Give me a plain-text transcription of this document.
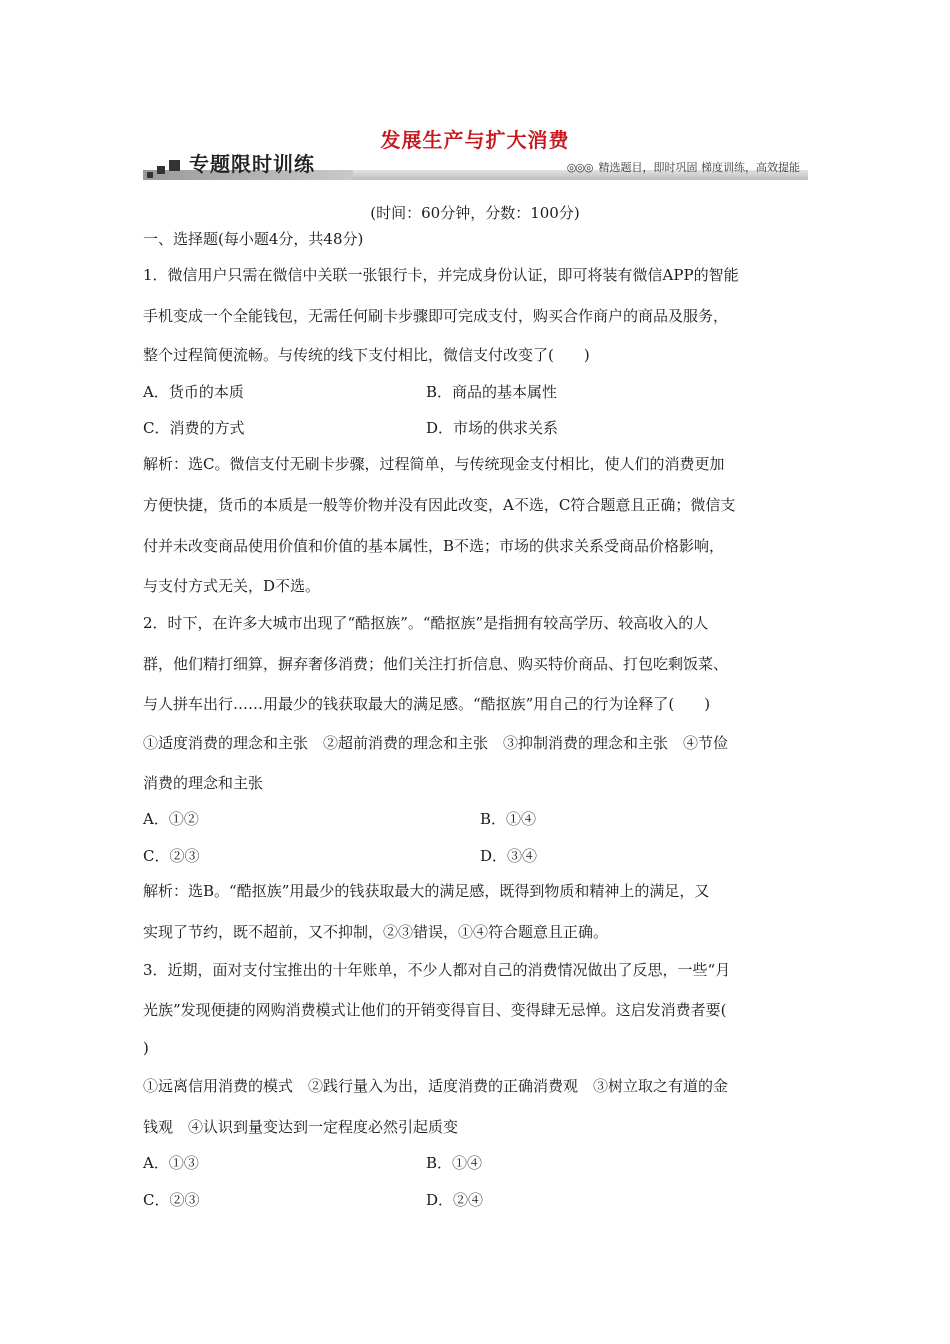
发展生产与扩大消费
专题限时训练	◎◎◎ 精选题目，即时巩固 梯度训练，高效提能
(时间：60分钟，分数：100分)
一、选择题(每小题4分，共48分)
1．微信用户只需在微信中关联一张银行卡，并完成身份认证，即可将装有微信APP的智能
手机变成一个全能钱包，无需任何刷卡步骤即可完成支付，购买合作商户的商品及服务，
整个过程简便流畅。与传统的线下支付相比，微信支付改变了(　　)
A．货币的本质	B．商品的基本属性
C．消费的方式	D．市场的供求关系
解析：选C。微信支付无刷卡步骤，过程简单，与传统现金支付相比，使人们的消费更加
方便快捷，货币的本质是一般等价物并没有因此改变，A不选，C符合题意且正确；微信支
付并未改变商品使用价值和价值的基本属性，B不选；市场的供求关系受商品价格影响，
与支付方式无关，D不选。
2．时下，在许多大城市出现了“酷抠族”。“酷抠族”是指拥有较高学历、较高收入的人
群，他们精打细算，摒弃奢侈消费；他们关注打折信息、购买特价商品、打包吃剩饭菜、
与人拼车出行……用最少的钱获取最大的满足感。“酷抠族”用自己的行为诠释了(　　)
①适度消费的理念和主张　②超前消费的理念和主张　③抑制消费的理念和主张　④节俭
消费的理念和主张
A．①②	B．①④
C．②③	D．③④
解析：选B。“酷抠族”用最少的钱获取最大的满足感，既得到物质和精神上的满足，又
实现了节约，既不超前，又不抑制，②③错误，①④符合题意且正确。
3．近期，面对支付宝推出的十年账单，不少人都对自己的消费情况做出了反思，一些“月
光族”发现便捷的网购消费模式让他们的开销变得盲目、变得肆无忌惮。这启发消费者要(
)
①远离信用消费的模式　②践行量入为出，适度消费的正确消费观　③树立取之有道的金
钱观　④认识到量变达到一定程度必然引起质变
A．①③	B．①④
C．②③	D．②④
